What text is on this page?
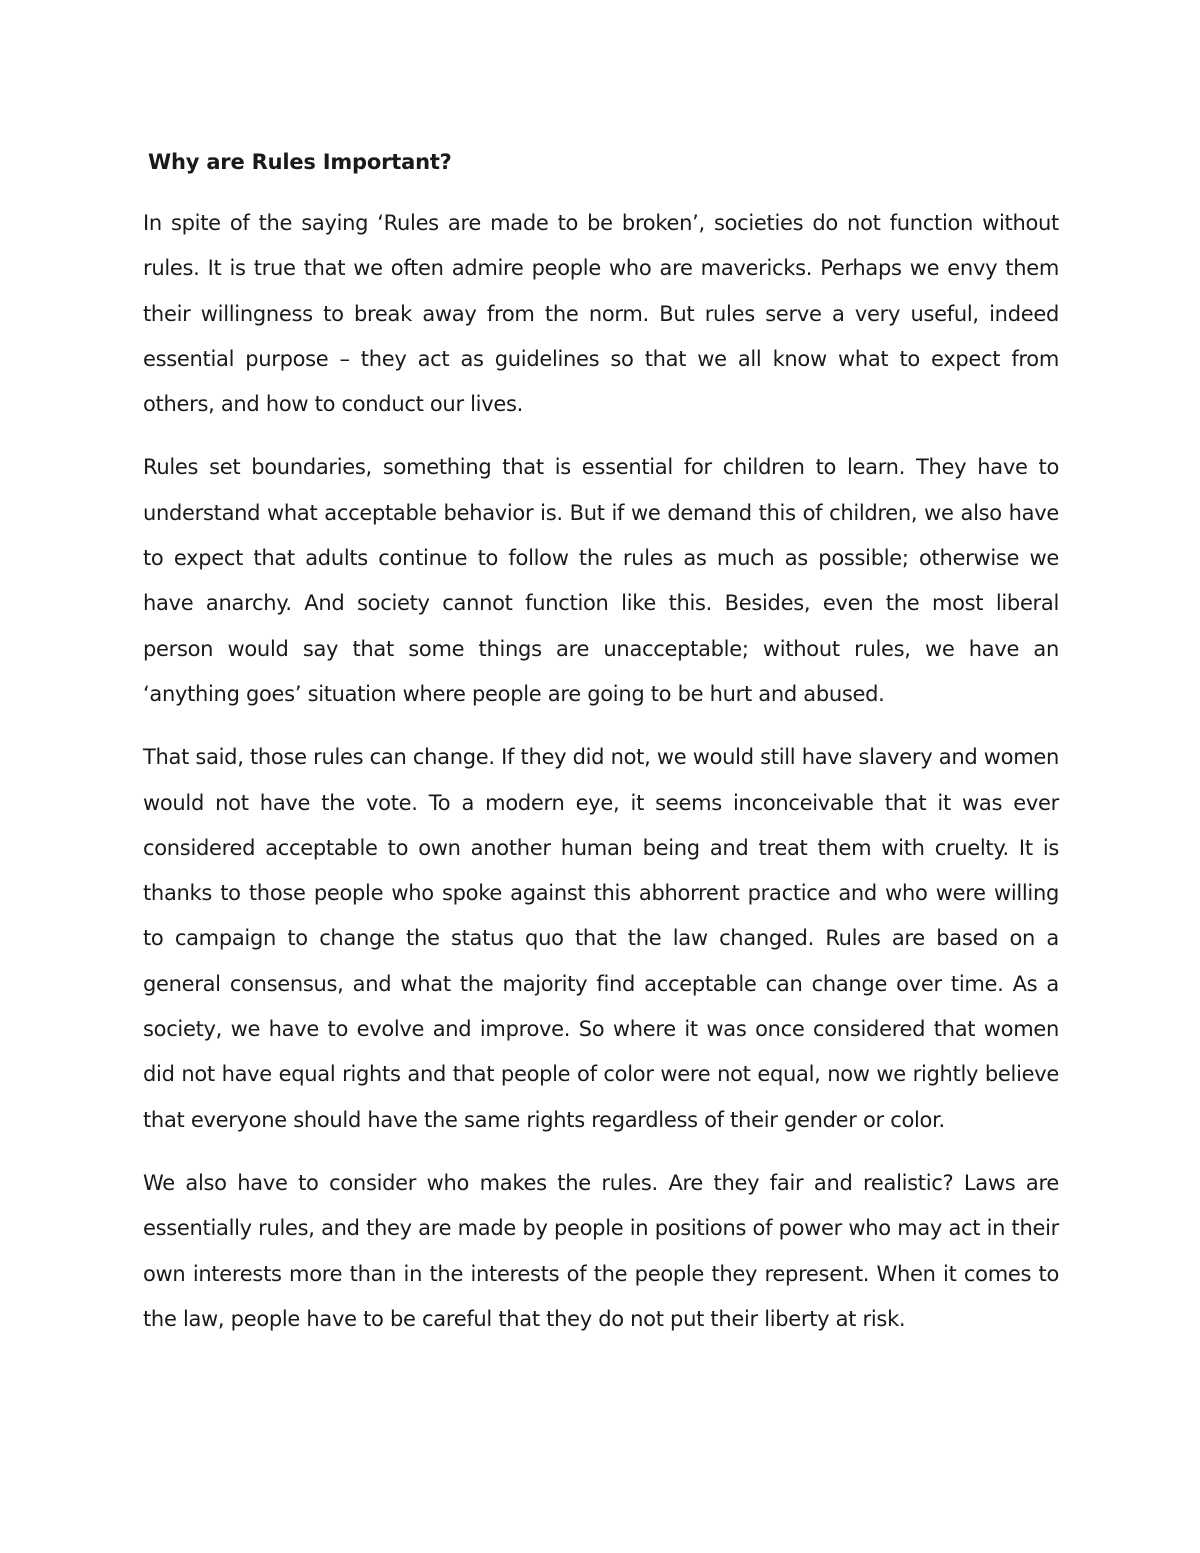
Why are Rules Important?

In spite of the saying ‘Rules are made to be broken’, societies do not function without rules. It is true that we often admire people who are mavericks. Perhaps we envy them their willingness to break away from the norm. But rules serve a very useful, indeed essential purpose – they act as guidelines so that we all know what to expect from others, and how to conduct our lives.

Rules set boundaries, something that is essential for children to learn. They have to understand what acceptable behavior is. But if we demand this of children, we also have to expect that adults continue to follow the rules as much as possible; otherwise we have anarchy. And society cannot function like this. Besides, even the most liberal person would say that some things are unacceptable; without rules, we have an ‘anything goes’ situation where people are going to be hurt and abused.

That said, those rules can change. If they did not, we would still have slavery and women would not have the vote. To a modern eye, it seems inconceivable that it was ever considered acceptable to own another human being and treat them with cruelty. It is thanks to those people who spoke against this abhorrent practice and who were willing to campaign to change the status quo that the law changed. Rules are based on a general consensus, and what the majority find acceptable can change over time. As a society, we have to evolve and improve. So where it was once considered that women did not have equal rights and that people of color were not equal, now we rightly believe that everyone should have the same rights regardless of their gender or color.

We also have to consider who makes the rules. Are they fair and realistic? Laws are essentially rules, and they are made by people in positions of power who may act in their own interests more than in the interests of the people they represent. When it comes to the law, people have to be careful that they do not put their liberty at risk.
